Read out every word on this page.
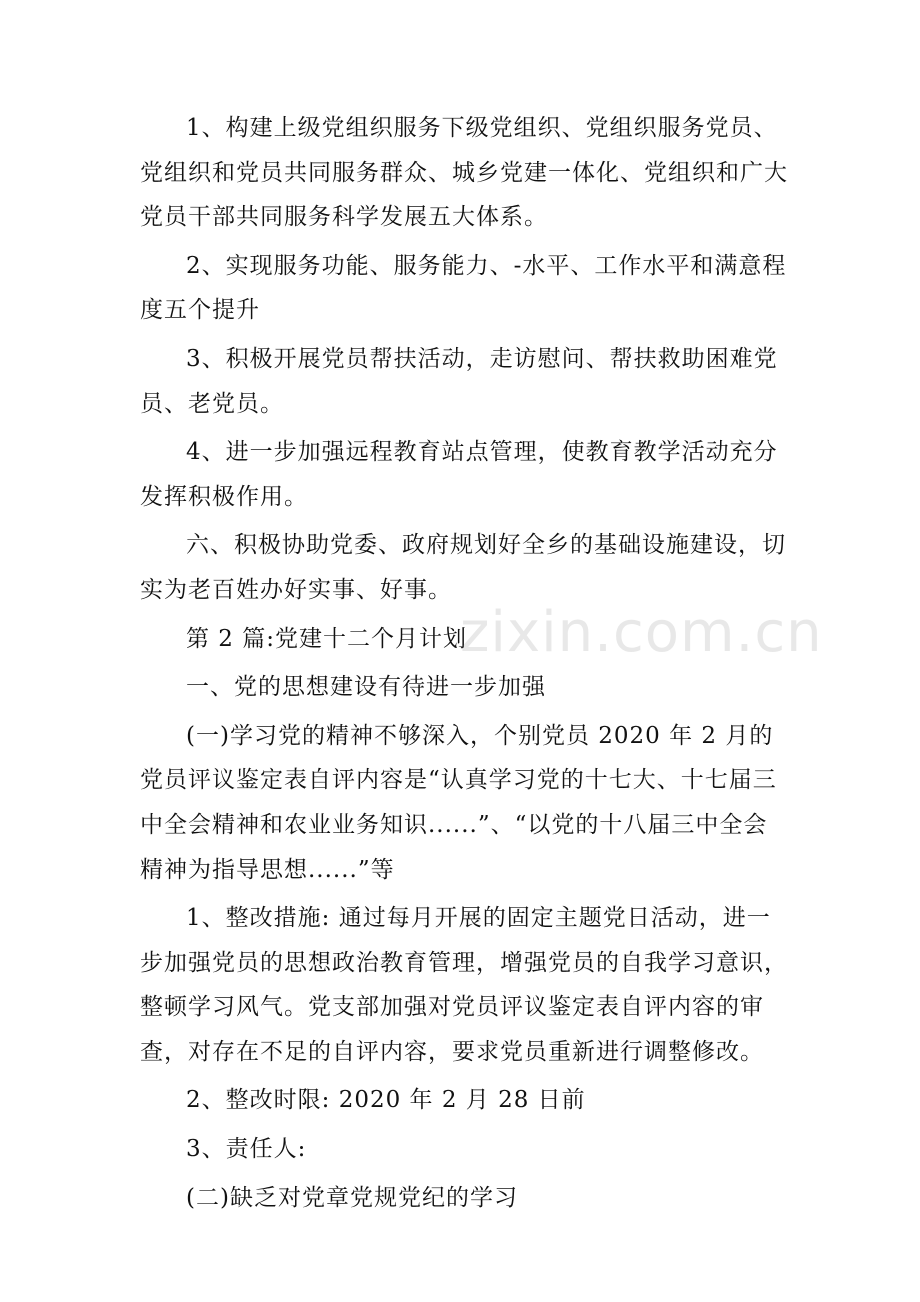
1、构建上级党组织服务下级党组织、党组织服务党员、党组织和党员共同服务群众、城乡党建一体化、党组织和广大党员干部共同服务科学发展五大体系。

2、实现服务功能、服务能力、-水平、工作水平和满意程度五个提升

3、积极开展党员帮扶活动，走访慰问、帮扶救助困难党员、老党员。

4、进一步加强远程教育站点管理，使教育教学活动充分发挥积极作用。

六、积极协助党委、政府规划好全乡的基础设施建设，切实为老百姓办好实事、好事。

第 2 篇:党建十二个月计划

一、党的思想建设有待进一步加强

(一)学习党的精神不够深入，个别党员 2020 年 2 月的党员评议鉴定表自评内容是“认真学习党的十七大、十七届三中全会精神和农业业务知识......”、“以党的十八届三中全会精神为指导思想......”等

1、整改措施: 通过每月开展的固定主题党日活动，进一步加强党员的思想政治教育管理，增强党员的自我学习意识，整顿学习风气。党支部加强对党员评议鉴定表自评内容的审查，对存在不足的自评内容，要求党员重新进行调整修改。

2、整改时限: 2020 年 2 月 28 日前

3、责任人:

(二)缺乏对党章党规党纪的学习

zixin.com.cn
